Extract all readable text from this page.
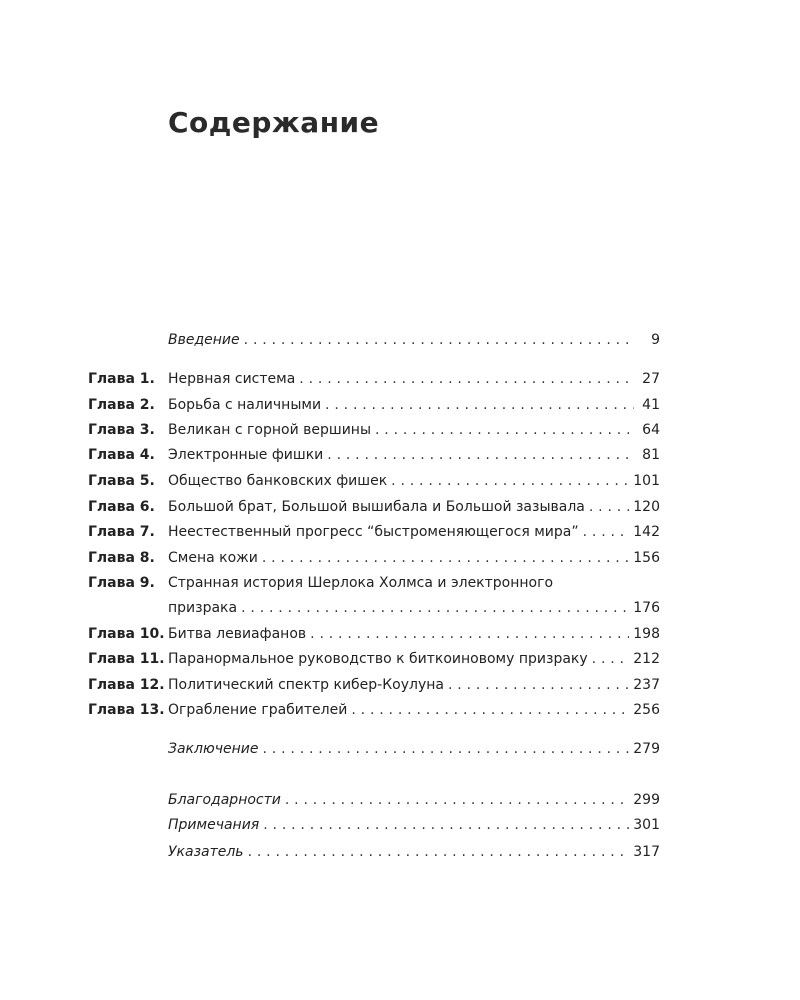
Содержание
Введение . . .	9
Глава 1. Нервная система . . .	27
Глава 2. Борьба с наличными . . .	41
Глава 3. Великан с горной вершины . . .	64
Глава 4. Электронные фишки . . .	81
Глава 5. Общество банковских фишек . . .	101
Глава 6. Большой брат, Большой вышибала и Большой зазывала . . .	120
Глава 7. Неестественный прогресс “быстроменяющегося мира” . . .	142
Глава 8. Смена кожи . . .	156
Глава 9. Странная история Шерлока Холмса и электронного
призрака . . .	176
Глава 10. Битва левиафанов . . .	198
Глава 11. Паранормальное руководство к биткоиновому призраку . . .	212
Глава 12. Политический спектр кибер-Коулуна . . .	237
Глава 13. Ограбление грабителей . . .	256
Заключение . . .	279
Благодарности . . .	299
Примечания . . .	301
Указатель . . .	317
